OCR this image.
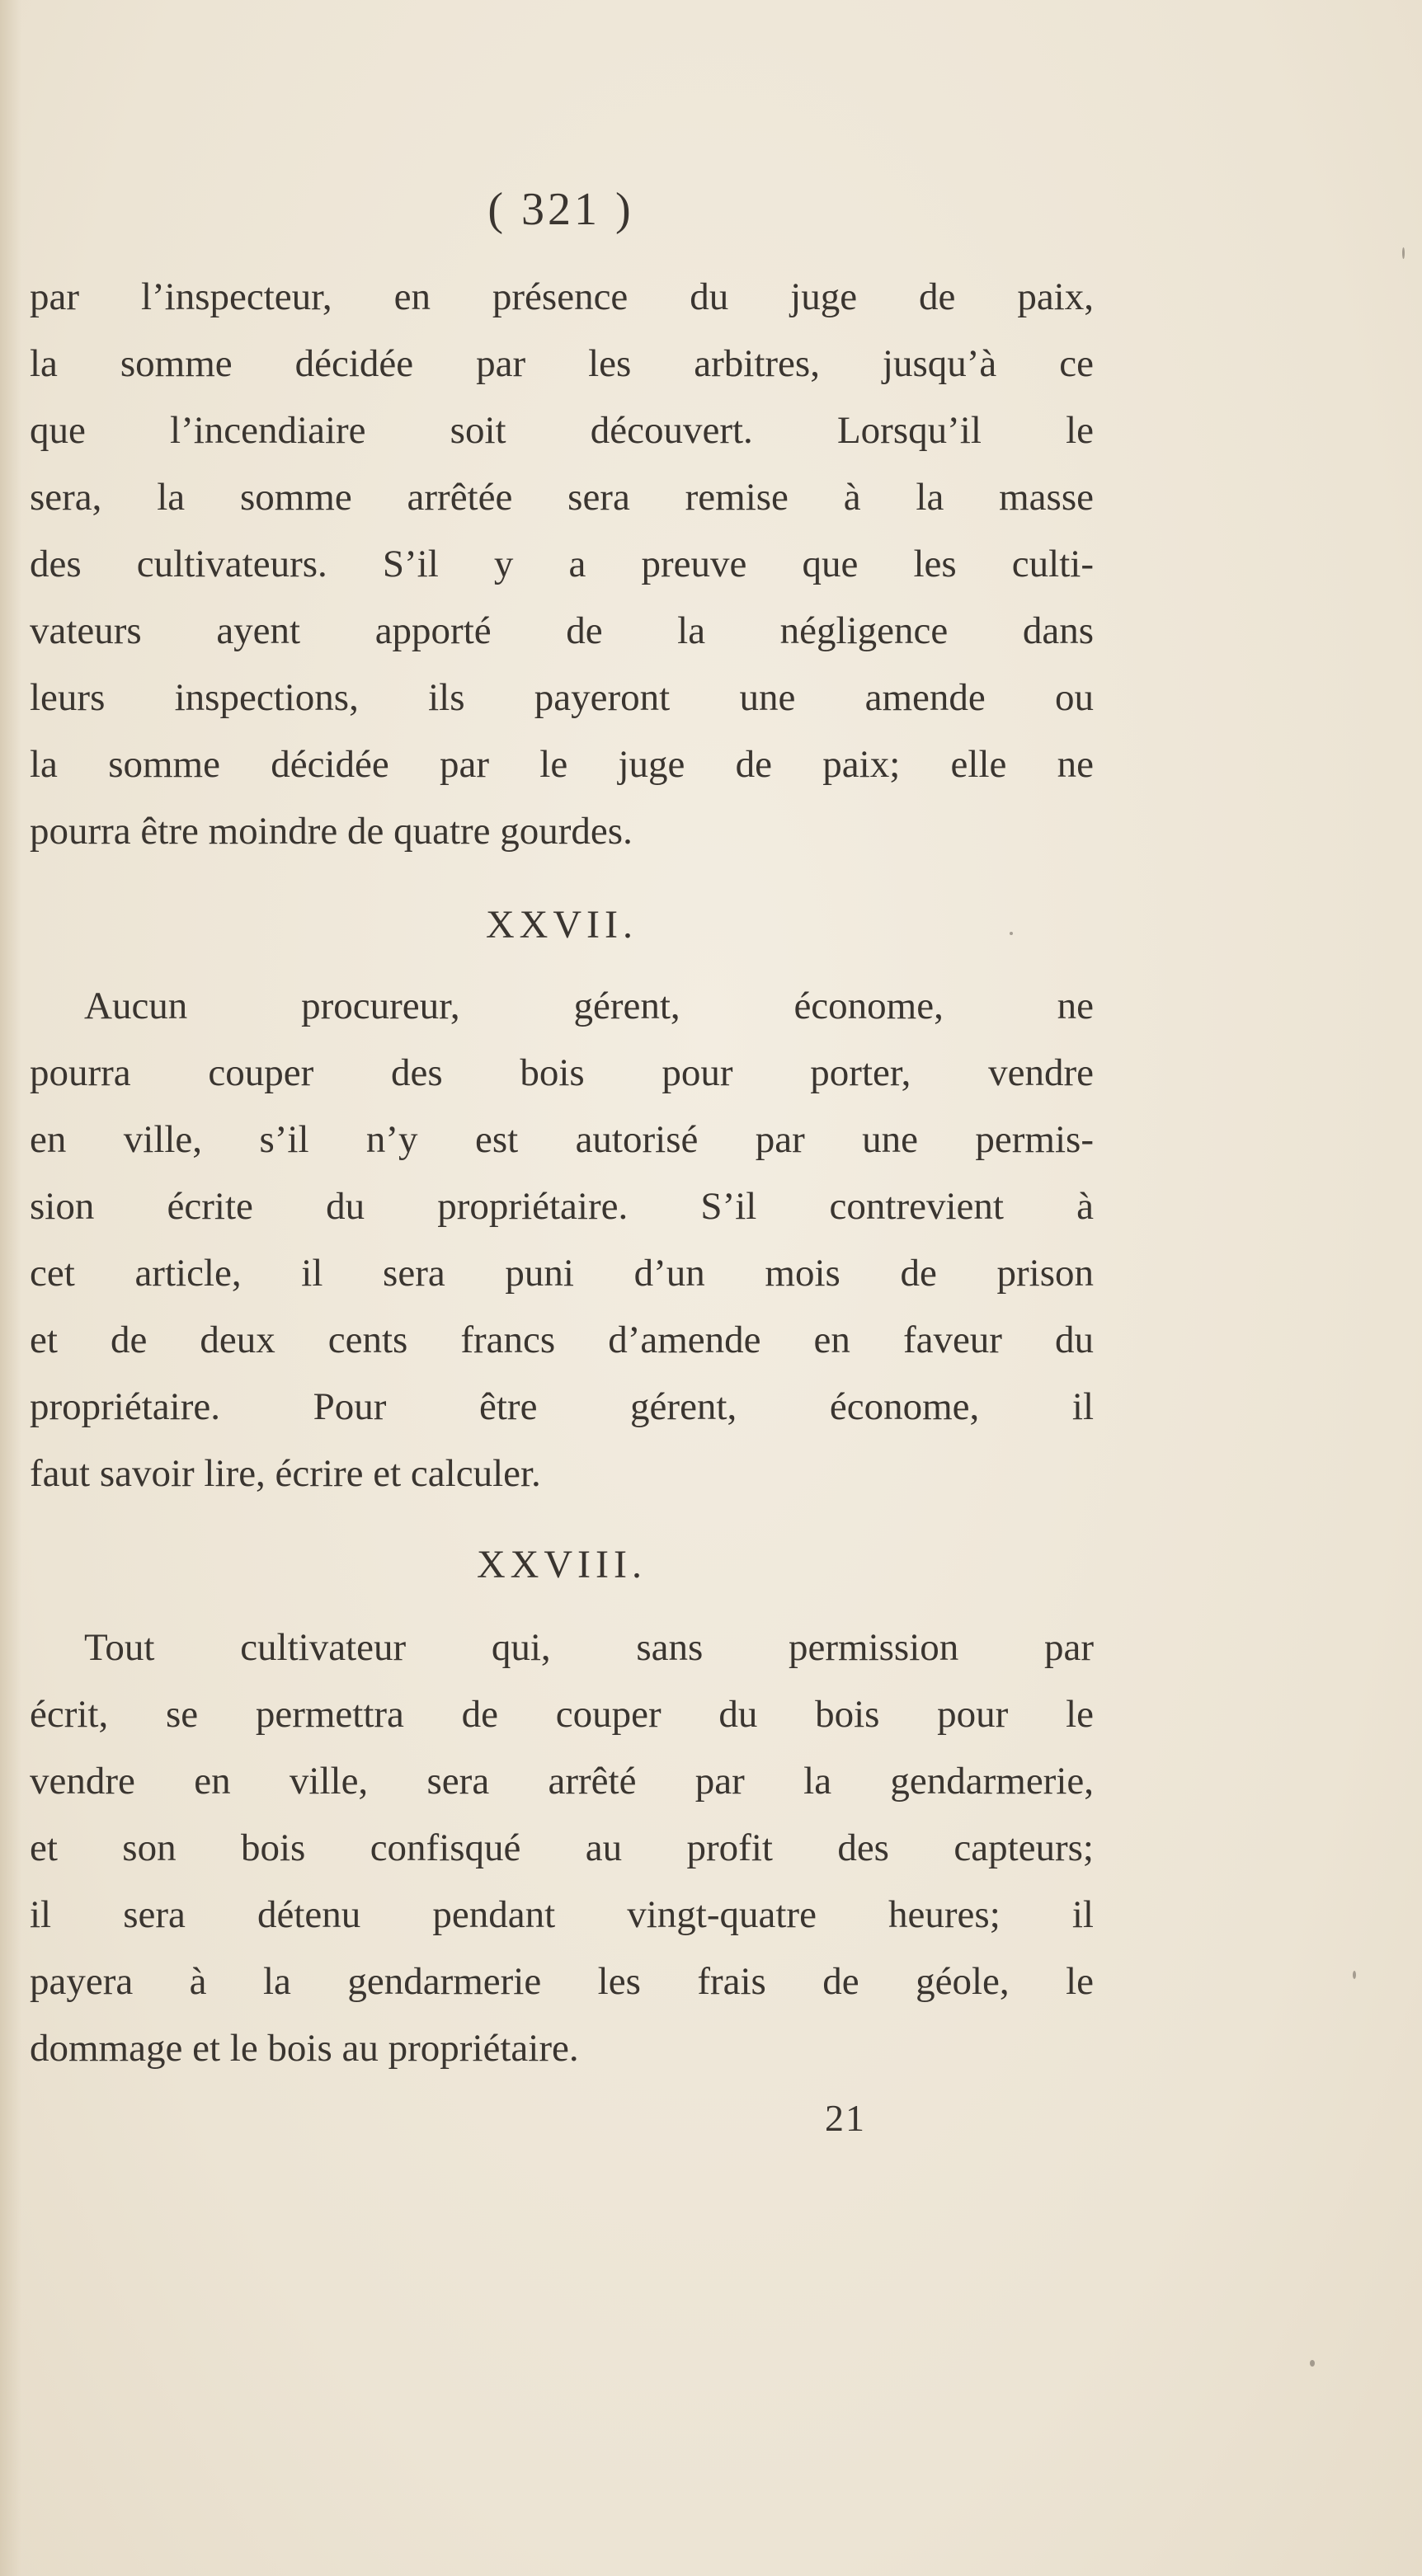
( 321 )
par l’inspecteur, en présence du juge de paix,
la somme décidée par les arbitres, jusqu’à ce
que l’incendiaire soit découvert. Lorsqu’il le
sera, la somme arrêtée sera remise à la masse
des cultivateurs. S’il y a preuve que les culti-
vateurs ayent apporté de la négligence dans
leurs inspections, ils payeront une amende ou
la somme décidée par le juge de paix; elle ne
pourra être moindre de quatre gourdes.
XXVII.
Aucun procureur, gérent, économe, ne
pourra couper des bois pour porter, vendre
en ville, s’il n’y est autorisé par une permis-
sion écrite du propriétaire. S’il contrevient à
cet article, il sera puni d’un mois de prison
et de deux cents francs d’amende en faveur du
propriétaire. Pour être gérent, économe, il
faut savoir lire, écrire et calculer.
XXVIII.
Tout cultivateur qui, sans permission par
écrit, se permettra de couper du bois pour le
vendre en ville, sera arrêté par la gendarmerie,
et son bois confisqué au profit des capteurs;
il sera détenu pendant vingt-quatre heures; il
payera à la gendarmerie les frais de géole, le
dommage et le bois au propriétaire.
21
